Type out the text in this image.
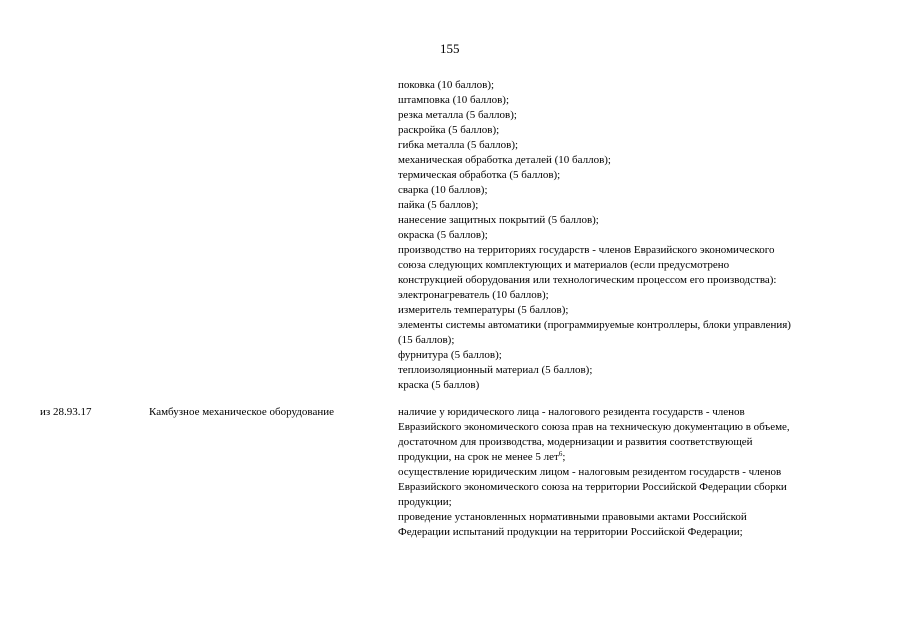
155
поковка (10 баллов);
штамповка (10 баллов);
резка металла (5 баллов);
раскройка (5 баллов);
гибка металла (5 баллов);
механическая обработка деталей (10 баллов);
термическая обработка (5 баллов);
сварка (10 баллов);
пайка (5 баллов);
нанесение защитных покрытий (5 баллов);
окраска (5 баллов);
производство на территориях государств - членов Евразийского экономического
союза следующих комплектующих и материалов (если предусмотрено
конструкцией оборудования или технологическим процессом его производства):
электронагреватель (10 баллов);
измеритель температуры (5 баллов);
элементы системы автоматики (программируемые контроллеры, блоки управления)
(15 баллов);
фурнитура (5 баллов);
теплоизоляционный материал (5 баллов);
краска (5 баллов)
из 28.93.17	Камбузное механическое оборудование	наличие у юридического лица - налогового резидента государств - членов
Евразийского экономического союза прав на техническую документацию в объеме,
достаточном для производства, модернизации и развития соответствующей
продукции, на срок не менее 5 лет$^6$;
осуществление юридическим лицом - налоговым резидентом государств - членов
Евразийского экономического союза на территории Российской Федерации сборки
продукции;
проведение установленных нормативными правовыми актами Российской
Федерации испытаний продукции на территории Российской Федерации;
